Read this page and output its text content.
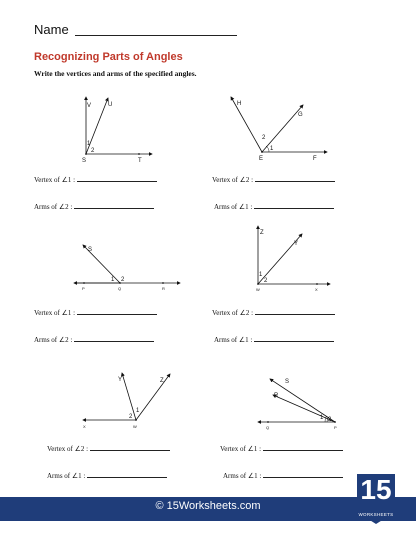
Name
Recognizing Parts of Angles
Write the vertices and arms of the specified angles.
V	U
S	T
1
2
H
G
E	F
2
1
Vertex of ∠1 :
Arms of ∠2 :
Vertex of ∠2 :
Arms of ∠1 :
S
P	Q	R
1 2
Z
Y
W	X
1
2
Vertex of ∠1 :
Arms of ∠2 :
Vertex of ∠2 :
Arms of ∠1 :
Y	Z
X	W
2
1
S
R
Q	P
1 2
Vertex of ∠2 :
Arms of ∠1 :
Vertex of ∠1 :
Arms of ∠1 :
© 15Worksheets.com
15
WORKSHEETS
